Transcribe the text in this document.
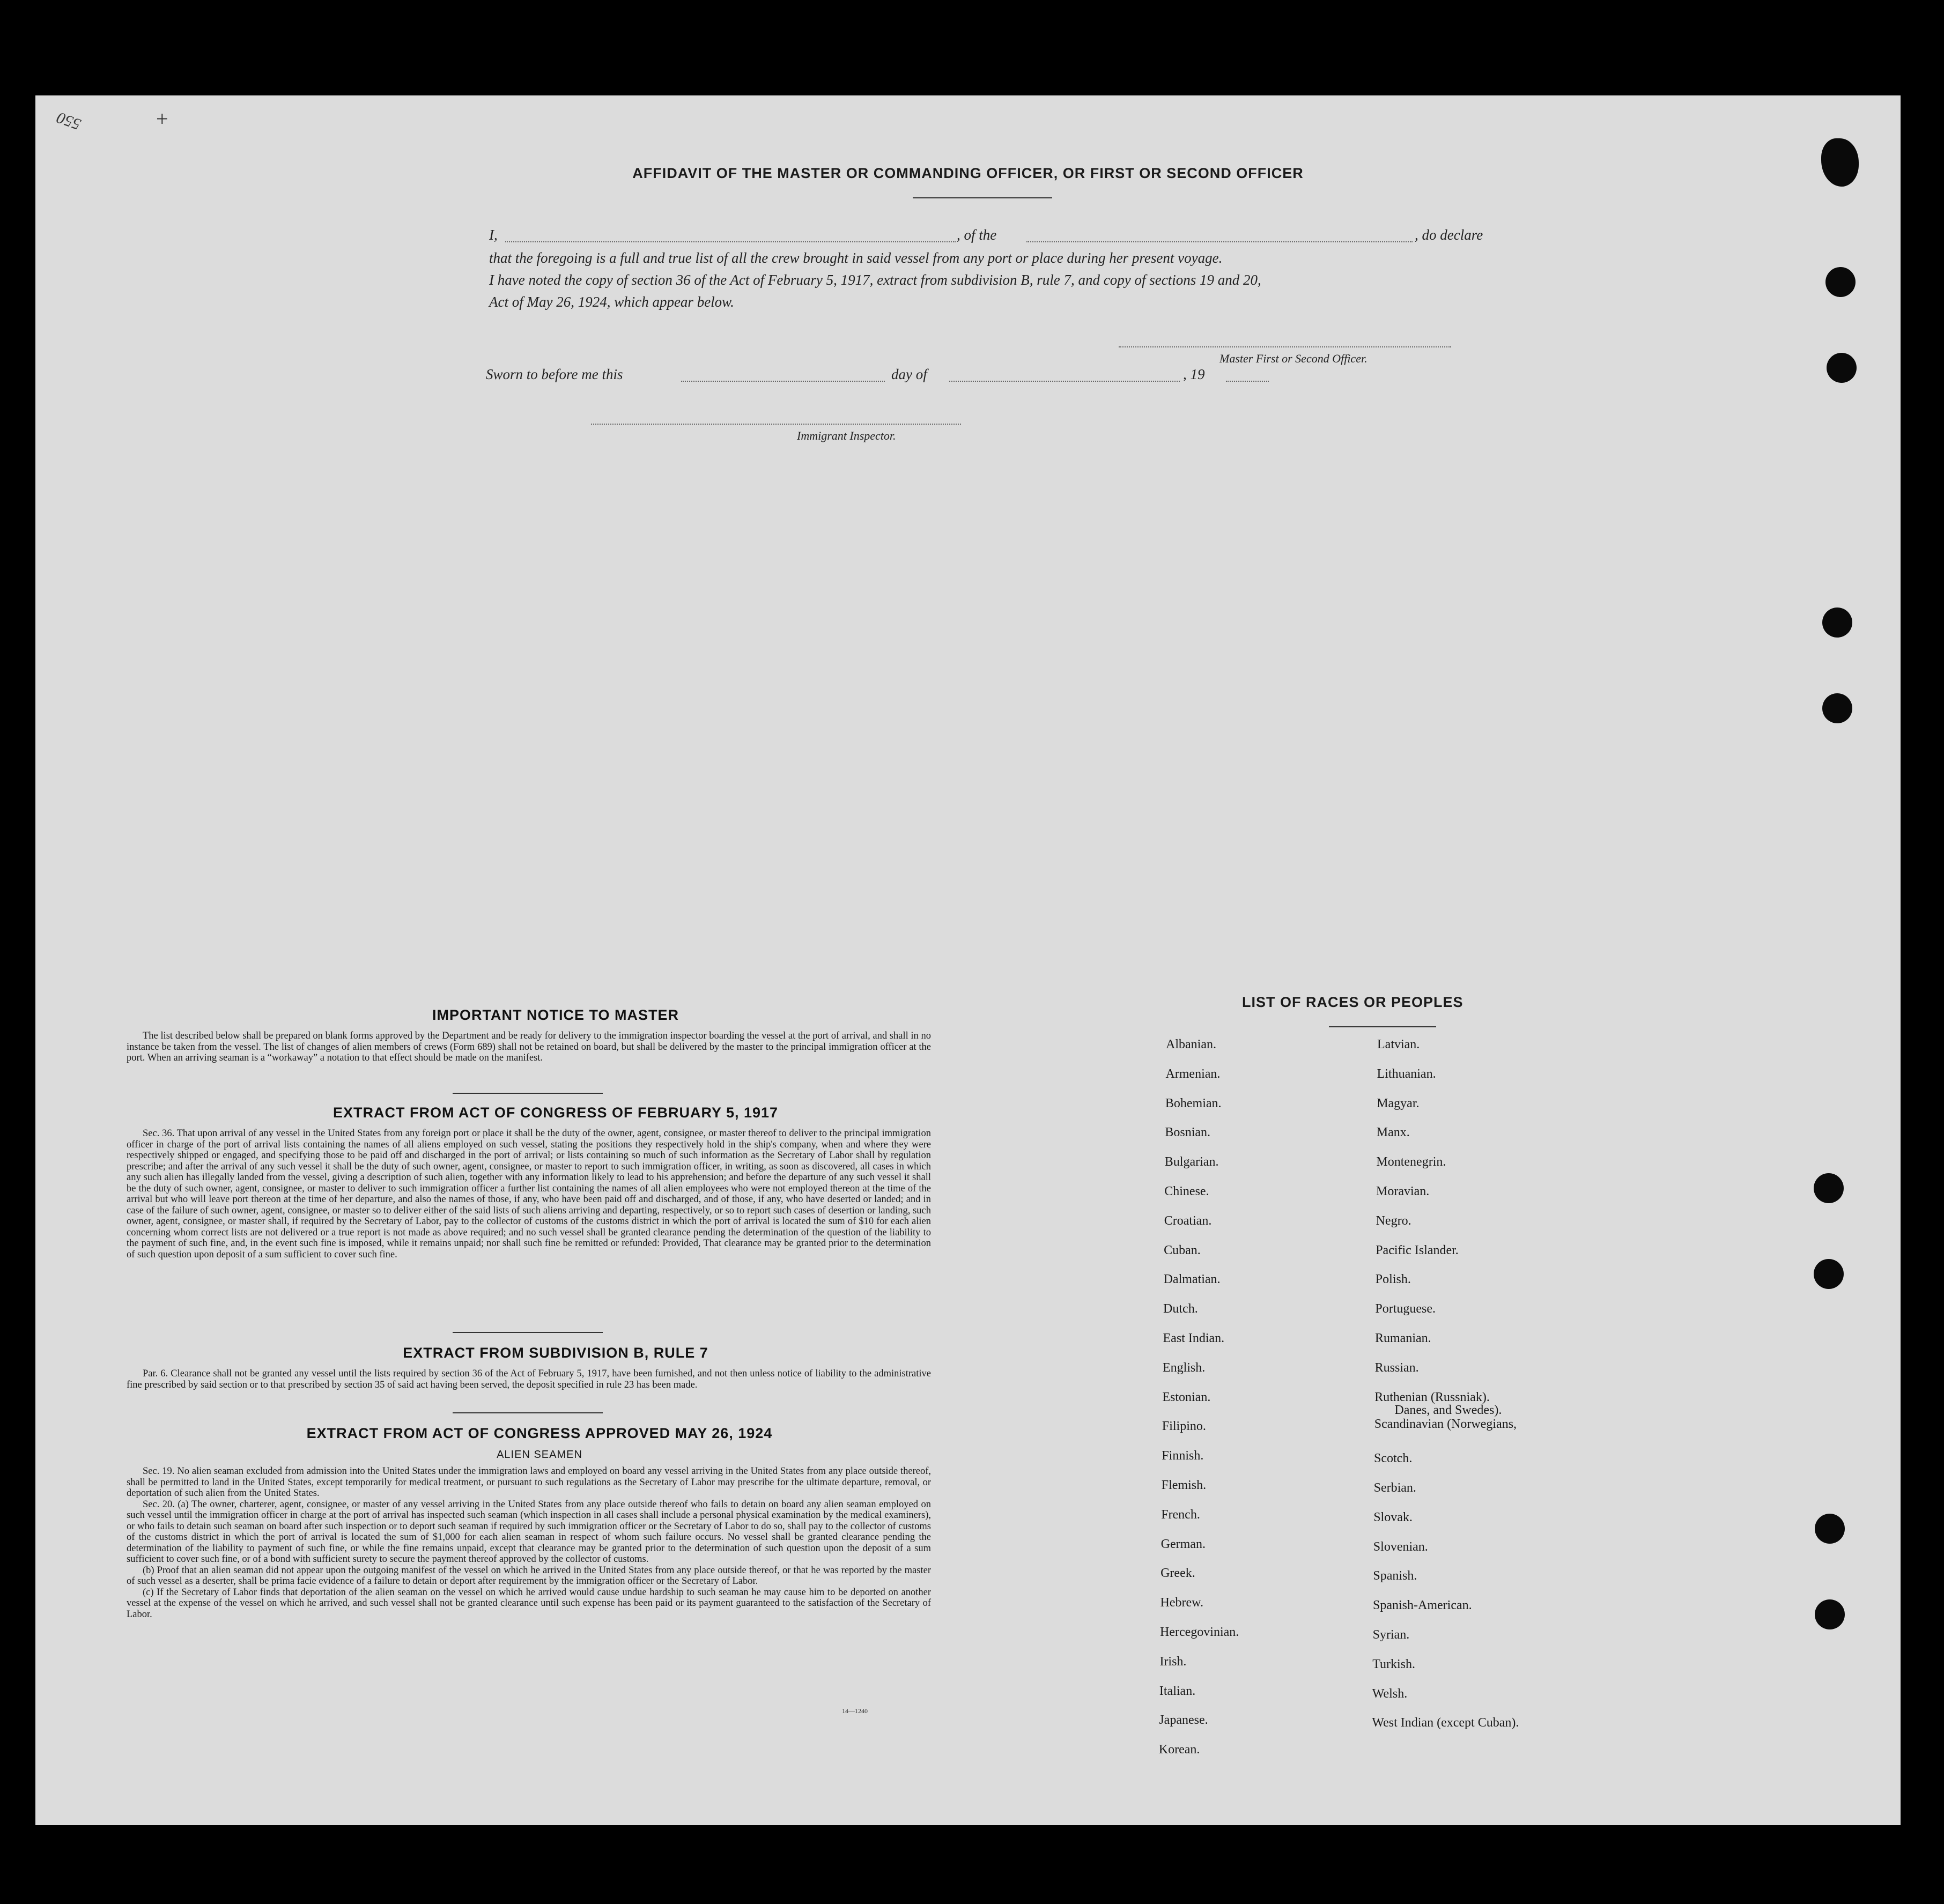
550	+
AFFIDAVIT OF THE MASTER OR COMMANDING OFFICER, OR FIRST OR SECOND OFFICER
I,	, of the	, do declare
that the foregoing is a full and true list of all the crew brought in said vessel from any port or place during her present voyage.
I have noted the copy of section 36 of the Act of February 5, 1917, extract from subdivision B, rule 7, and copy of sections 19 and 20,
Act of May 26, 1924, which appear below.
Master First or Second Officer.
Sworn to before me this	day of	, 19
Immigrant Inspector.
IMPORTANT NOTICE TO MASTER

The list described below shall be prepared on blank forms approved by the Department and be ready for delivery to the immigration inspector boarding the vessel at the port of arrival, and shall in no instance be taken from the vessel. The list of changes of alien members of crews (Form 689) shall not be retained on board, but shall be delivered by the master to the principal immigration officer at the port. When an arriving seaman is a “workaway” a notation to that effect should be made on the manifest.

EXTRACT FROM ACT OF CONGRESS OF FEBRUARY 5, 1917

Sec. 36. That upon arrival of any vessel in the United States from any foreign port or place it shall be the duty of the owner, agent, consignee, or master thereof to deliver to the principal immigration officer in charge of the port of arrival lists containing the names of all aliens employed on such vessel, stating the positions they respectively hold in the ship's company, when and where they were respectively shipped or engaged, and specifying those to be paid off and discharged in the port of arrival; or lists containing so much of such information as the Secretary of Labor shall by regulation prescribe; and after the arrival of any such vessel it shall be the duty of such owner, agent, consignee, or master to report to such immigration officer, in writing, as soon as discovered, all cases in which any such alien has illegally landed from the vessel, giving a description of such alien, together with any information likely to lead to his apprehension; and before the departure of any such vessel it shall be the duty of such owner, agent, consignee, or master to deliver to such immigration officer a further list containing the names of all alien employees who were not employed thereon at the time of the arrival but who will leave port thereon at the time of her departure, and also the names of those, if any, who have been paid off and discharged, and of those, if any, who have deserted or landed; and in case of the failure of such owner, agent, consignee, or master so to deliver either of the said lists of such aliens arriving and departing, respectively, or so to report such cases of desertion or landing, such owner, agent, consignee, or master shall, if required by the Secretary of Labor, pay to the collector of customs of the customs district in which the port of arrival is located the sum of $10 for each alien concerning whom correct lists are not delivered or a true report is not made as above required; and no such vessel shall be granted clearance pending the determination of the question of the liability to the payment of such fine, and, in the event such fine is imposed, while it remains unpaid; nor shall such fine be remitted or refunded: Provided, That clearance may be granted prior to the determination of such question upon deposit of a sum sufficient to cover such fine.

EXTRACT FROM SUBDIVISION B, RULE 7

Par. 6. Clearance shall not be granted any vessel until the lists required by section 36 of the Act of February 5, 1917, have been furnished, and not then unless notice of liability to the administrative fine prescribed by said section or to that prescribed by section 35 of said act having been served, the deposit specified in rule 23 has been made.

EXTRACT FROM ACT OF CONGRESS APPROVED MAY 26, 1924
ALIEN SEAMEN

Sec. 19. No alien seaman excluded from admission into the United States under the immigration laws and employed on board any vessel arriving in the United States from any place outside thereof, shall be permitted to land in the United States, except temporarily for medical treatment, or pursuant to such regulations as the Secretary of Labor may prescribe for the ultimate departure, removal, or deportation of such alien from the United States.

Sec. 20. (a) The owner, charterer, agent, consignee, or master of any vessel arriving in the United States from any place outside thereof who fails to detain on board any alien seaman employed on such vessel until the immigration officer in charge at the port of arrival has inspected such seaman (which inspection in all cases shall include a personal physical examination by the medical examiners), or who fails to detain such seaman on board after such inspection or to deport such seaman if required by such immigration officer or the Secretary of Labor to do so, shall pay to the collector of customs of the customs district in which the port of arrival is located the sum of $1,000 for each alien seaman in respect of whom such failure occurs. No vessel shall be granted clearance pending the determination of the liability to payment of such fine, or while the fine remains unpaid, except that clearance may be granted prior to the determination of such question upon the deposit of a sum sufficient to cover such fine, or of a bond with sufficient surety to secure the payment thereof approved by the collector of customs.

(b) Proof that an alien seaman did not appear upon the outgoing manifest of the vessel on which he arrived in the United States from any place outside thereof, or that he was reported by the master of such vessel as a deserter, shall be prima facie evidence of a failure to detain or deport after requirement by the immigration officer or the Secretary of Labor.

(c) If the Secretary of Labor finds that deportation of the alien seaman on the vessel on which he arrived would cause undue hardship to such seaman he may cause him to be deported on another vessel at the expense of the vessel on which he arrived, and such vessel shall not be granted clearance until such expense has been paid or its payment guaranteed to the satisfaction of the Secretary of Labor.

14—1240
LIST OF RACES OR PEOPLES
Albanian.
Armenian.
Bohemian.
Bosnian.
Bulgarian.
Chinese.
Croatian.
Cuban.
Dalmatian.
Dutch.
East Indian.
English.
Estonian.
Filipino.
Finnish.
Flemish.
French.
German.
Greek.
Hebrew.
Hercegovinian.
Irish.
Italian.
Japanese.
Korean.
Latvian.
Lithuanian.
Magyar.
Manx.
Montenegrin.
Moravian.
Negro.
Pacific Islander.
Polish.
Portuguese.
Rumanian.
Russian.
Ruthenian (Russniak).
Scandinavian (Norwegians,
Danes, and Swedes).
Scotch.
Serbian.
Slovak.
Slovenian.
Spanish.
Spanish-American.
Syrian.
Turkish.
Welsh.
West Indian (except Cuban).
